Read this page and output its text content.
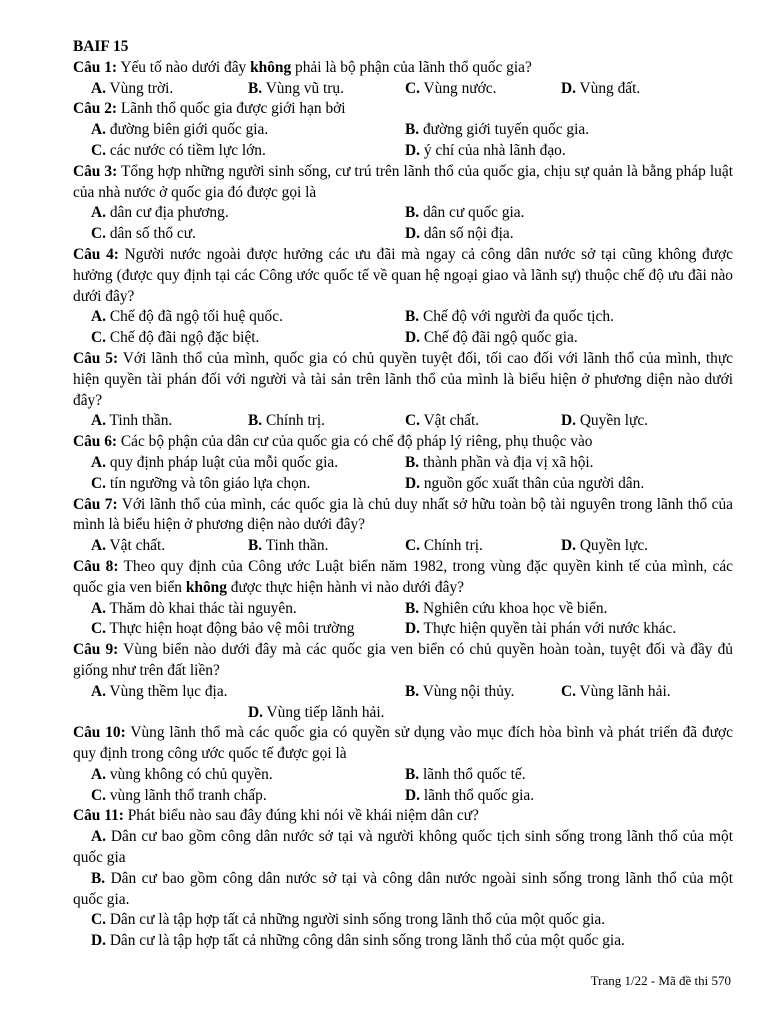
BAIF 15
Câu 1: Yếu tố nào dưới đây không phải là bộ phận của lãnh thổ quốc gia?
A. Vùng trời.	B. Vùng vũ trụ.	C. Vùng nước.	D. Vùng đất.
Câu 2: Lãnh thổ quốc gia được giới hạn bởi
A. đường biên giới quốc gia.	B. đường giới tuyến quốc gia.
C. các nước có tiềm lực lớn.	D. ý chí của nhà lãnh đạo.
Câu 3: Tổng hợp những người sinh sống, cư trú trên lãnh thổ của quốc gia, chịu sự quản là bằng pháp luật của nhà nước ở quốc gia đó được gọi là
A. dân cư địa phương.	B. dân cư quốc gia.
C. dân số thổ cư.	D. dân số nội địa.
Câu 4: Người nước ngoài được hưởng các ưu đãi mà ngay cả công dân nước sở tại cũng không được hưởng (được quy định tại các Công ước quốc tế về quan hệ ngoại giao và lãnh sự) thuộc chế độ ưu đãi nào dưới đây?
A. Chế độ đã ngộ tối huệ quốc.	B. Chế độ với người đa quốc tịch.
C. Chế độ đãi ngộ đặc biệt.	D. Chế độ đãi ngộ quốc gia.
Câu 5: Với lãnh thổ của mình, quốc gia có chủ quyền tuyệt đối, tối cao đối với lãnh thổ của mình, thực hiện quyền tài phán đối với người và tài sản trên lãnh thổ của mình là biểu hiện ở phương diện nào dưới đây?
A. Tinh thần.	B. Chính trị.	C. Vật chất.	D. Quyền lực.
Câu 6: Các bộ phận của dân cư của quốc gia có chế độ pháp lý riêng, phụ thuộc vào
A. quy định pháp luật của mỗi quốc gia.	B. thành phần và địa vị xã hội.
C. tín ngưỡng và tôn giáo lựa chọn.	D. nguồn gốc xuất thân của người dân.
Câu 7: Với lãnh thổ của mình, các quốc gia là chủ duy nhất sở hữu toàn bộ tài nguyên trong lãnh thổ của mình là biểu hiện ở phương diện nào dưới đây?
A. Vật chất.	B. Tinh thần.	C. Chính trị.	D. Quyền lực.
Câu 8: Theo quy định của Công ước Luật biển năm 1982, trong vùng đặc quyền kinh tế của mình, các quốc gia ven biển không được thực hiện hành vi nào dưới đây?
A. Thăm dò khai thác tài nguyên.	B. Nghiên cứu khoa học về biển.
C. Thực hiện hoạt động bảo vệ môi trường	D. Thực hiện quyền tài phán với nước khác.
Câu 9: Vùng biển nào dưới đây mà các quốc gia ven biển có chủ quyền hoàn toàn, tuyệt đối và đầy đủ giống như trên đất liền?
A. Vùng thềm lục địa.	B. Vùng nội thủy.	C. Vùng lãnh hải.
D. Vùng tiếp lãnh hải.
Câu 10: Vùng lãnh thổ mà các quốc gia có quyền sử dụng vào mục đích hòa bình và phát triển đã được quy định trong công ước quốc tế được gọi là
A. vùng không có chủ quyền.	B. lãnh thổ quốc tế.
C. vùng lãnh thổ tranh chấp.	D. lãnh thổ quốc gia.
Câu 11: Phát biểu nào sau đây đúng khi nói về khái niệm dân cư?
A. Dân cư bao gồm công dân nước sở tại và người không quốc tịch sinh sống trong lãnh thổ của một quốc gia
B. Dân cư bao gồm công dân nước sở tại và công dân nước ngoài sinh sống trong lãnh thổ của một quốc gia.
C. Dân cư là tập hợp tất cả những người sinh sống trong lãnh thổ của một quốc gia.
D. Dân cư là tập hợp tất cả những công dân sinh sống trong lãnh thổ của một quốc gia.
Trang 1/22 - Mã đề thi 570
